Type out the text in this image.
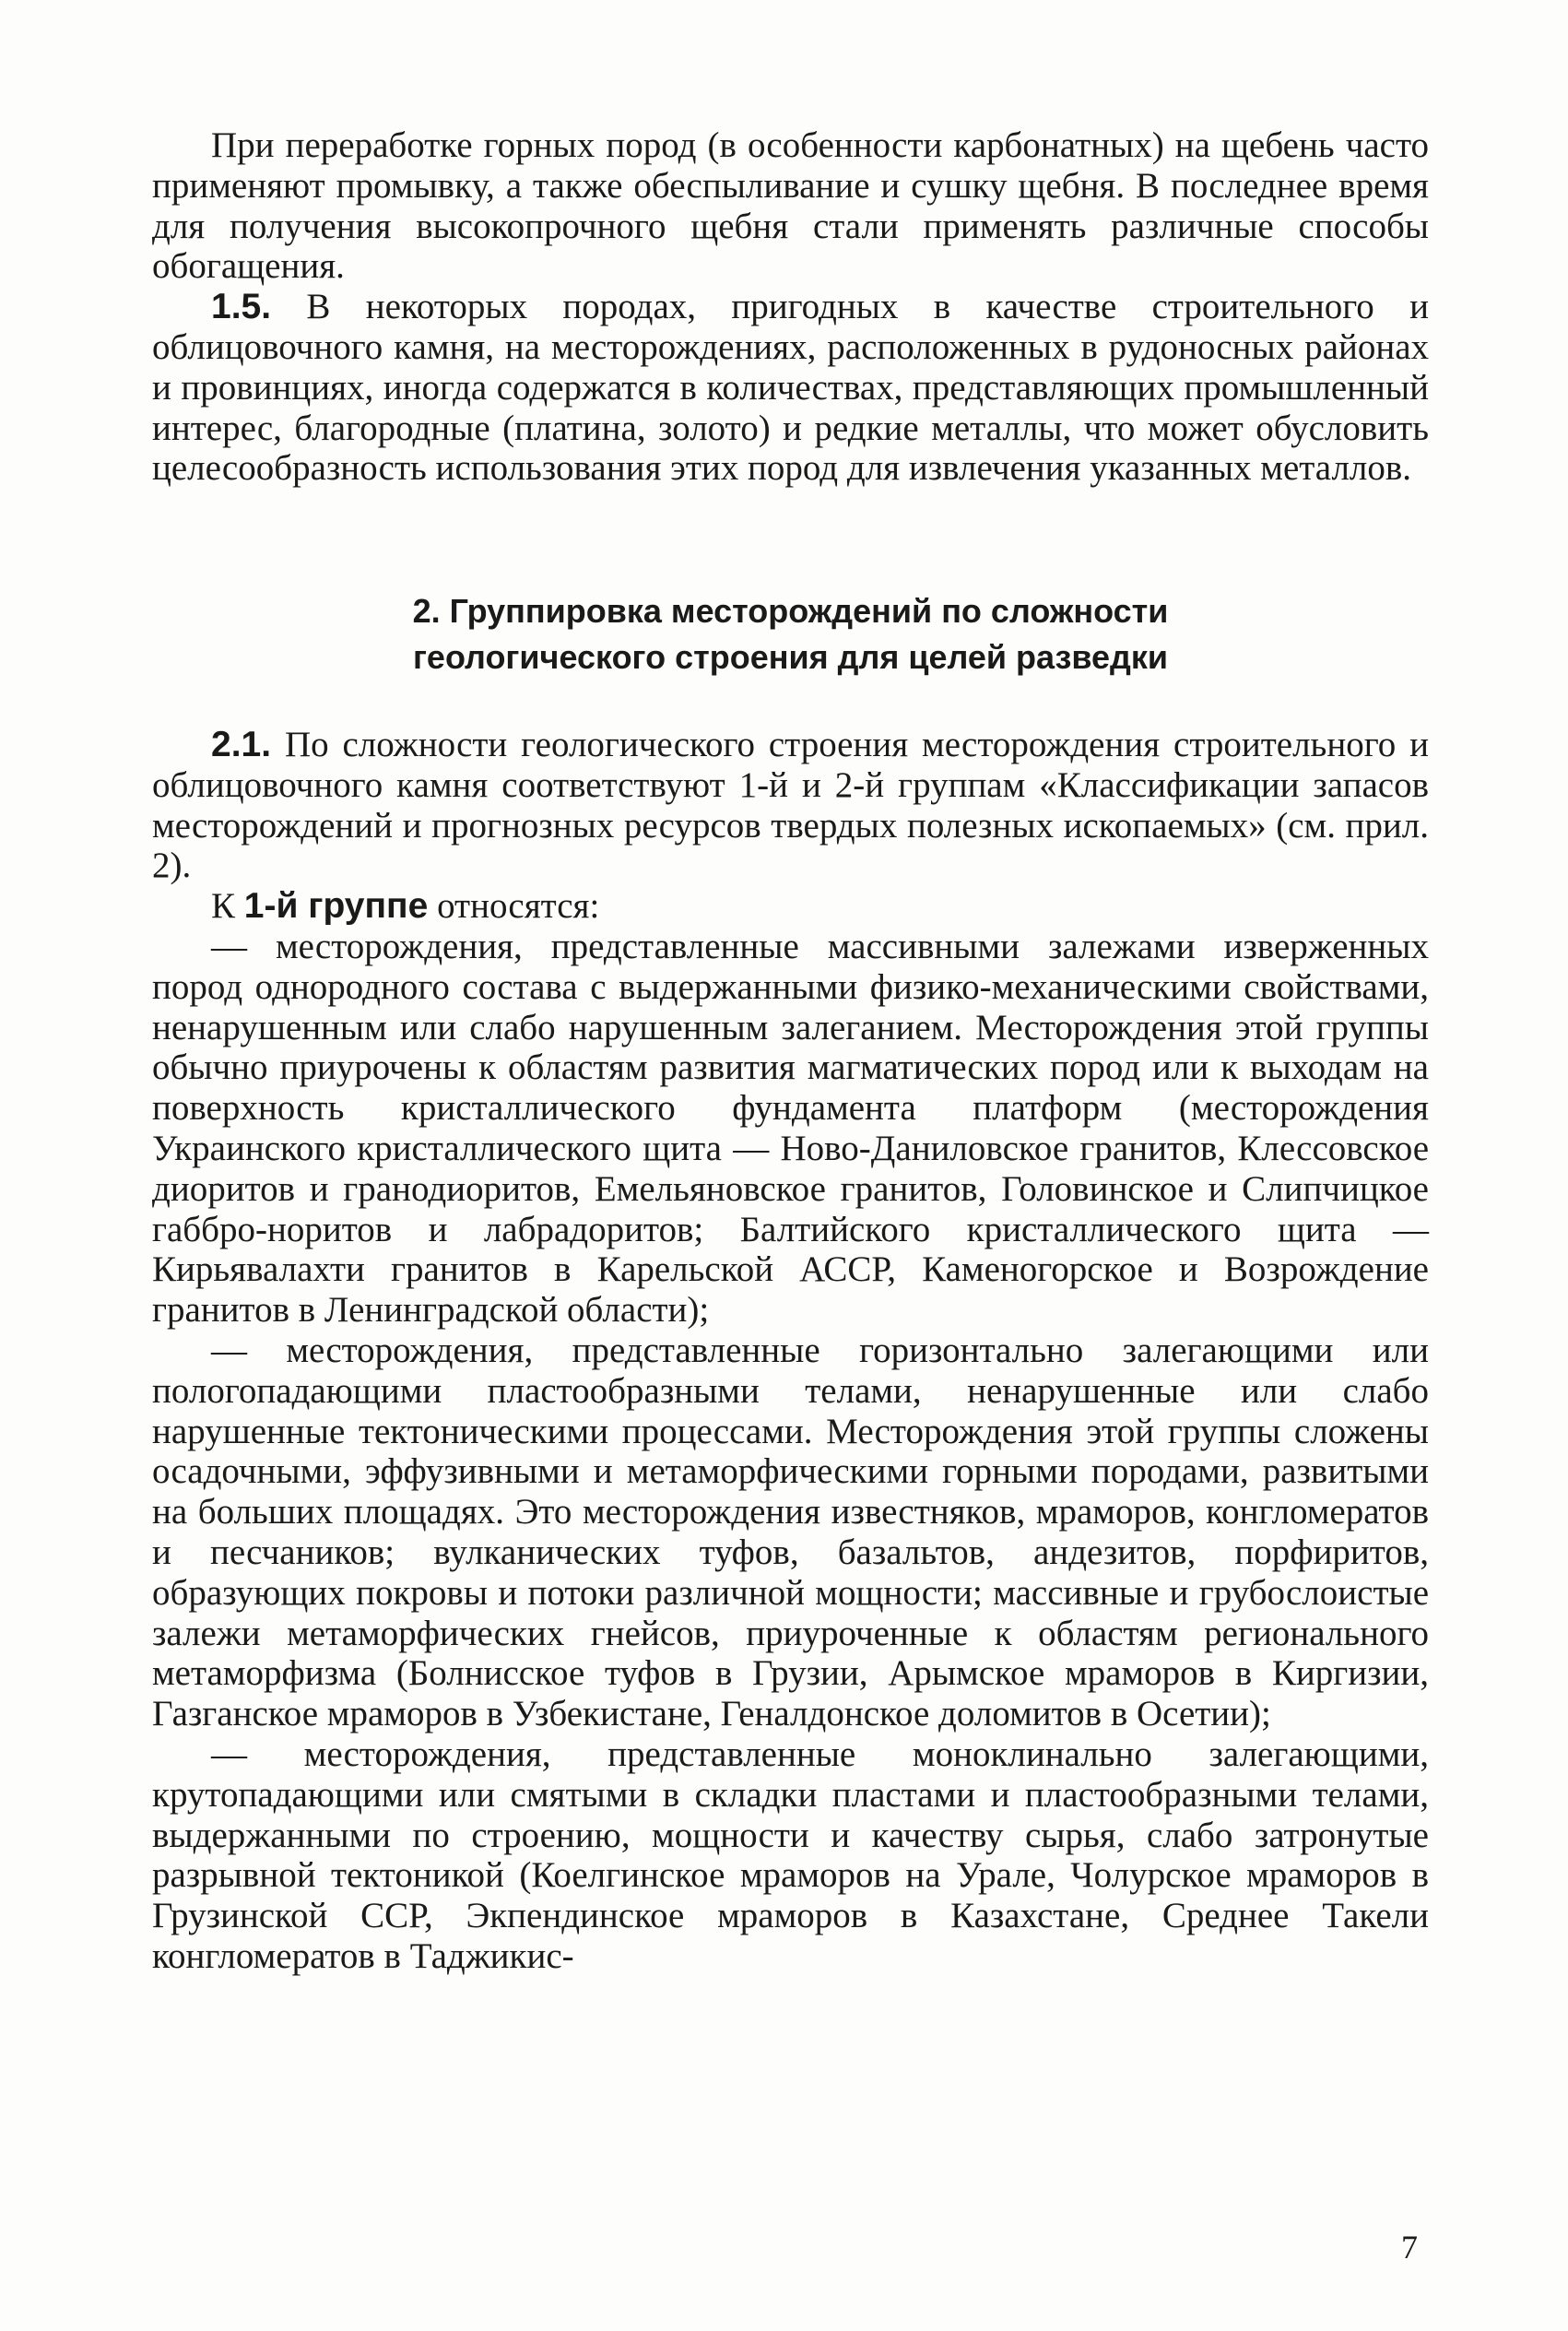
При переработке горных пород (в особенности карбонатных) на щебень часто применяют промывку, а также обеспыливание и сушку щебня. В последнее время для получения высокопрочного щебня стали применять различные способы обогащения.

1.5. В некоторых породах, пригодных в качестве строительного и облицовочного камня, на месторождениях, расположенных в рудоносных районах и провинциях, иногда содержатся в количествах, представляющих промышленный интерес, благородные (платина, золото) и редкие металлы, что может обусловить целесообразность использования этих пород для извлечения указанных металлов.

2. Группировка месторождений по сложности
геологического строения для целей разведки

2.1. По сложности геологического строения месторождения строительного и облицовочного камня соответствуют 1-й и 2-й группам «Классификации запасов месторождений и прогнозных ресурсов твердых полезных ископаемых» (см. прил. 2).

К 1-й группе относятся:

— месторождения, представленные массивными залежами изверженных пород однородного состава с выдержанными физико-механическими свойствами, ненарушенным или слабо нарушенным залеганием. Месторождения этой группы обычно приурочены к областям развития магматических пород или к выходам на поверхность кристаллического фундамента платформ (месторождения Украинского кристаллического щита — Ново-Даниловское гранитов, Клессовское диоритов и гранодиоритов, Емельяновское гранитов, Головинское и Слипчицкое габбро-норитов и лабрадоритов; Балтийского кристаллического щита — Кирьявалахти гранитов в Карельской АССР, Каменогорское и Возрождение гранитов в Ленинградской области);

— месторождения, представленные горизонтально залегающими или пологопадающими пластообразными телами, ненарушенные или слабо нарушенные тектоническими процессами. Месторождения этой группы сложены осадочными, эффузивными и метаморфическими горными породами, развитыми на больших площадях. Это месторождения известняков, мраморов, конгломератов и песчаников; вулканических туфов, базальтов, андезитов, порфиритов, образующих покровы и потоки различной мощности; массивные и грубослоистые залежи метаморфических гнейсов, приуроченные к областям регионального метаморфизма (Болнисское туфов в Грузии, Арымское мраморов в Киргизии, Газганское мраморов в Узбекистане, Геналдонское доломитов в Осетии);

— месторождения, представленные моноклинально залегающими, крутопадающими или смятыми в складки пластами и пластообразными телами, выдержанными по строению, мощности и качеству сырья, слабо затронутые разрывной тектоникой (Коелгинское мраморов на Урале, Чолурское мраморов в Грузинской ССР, Экпендинское мраморов в Казахстане, Среднее Такели конгломератов в Таджикис-

7
